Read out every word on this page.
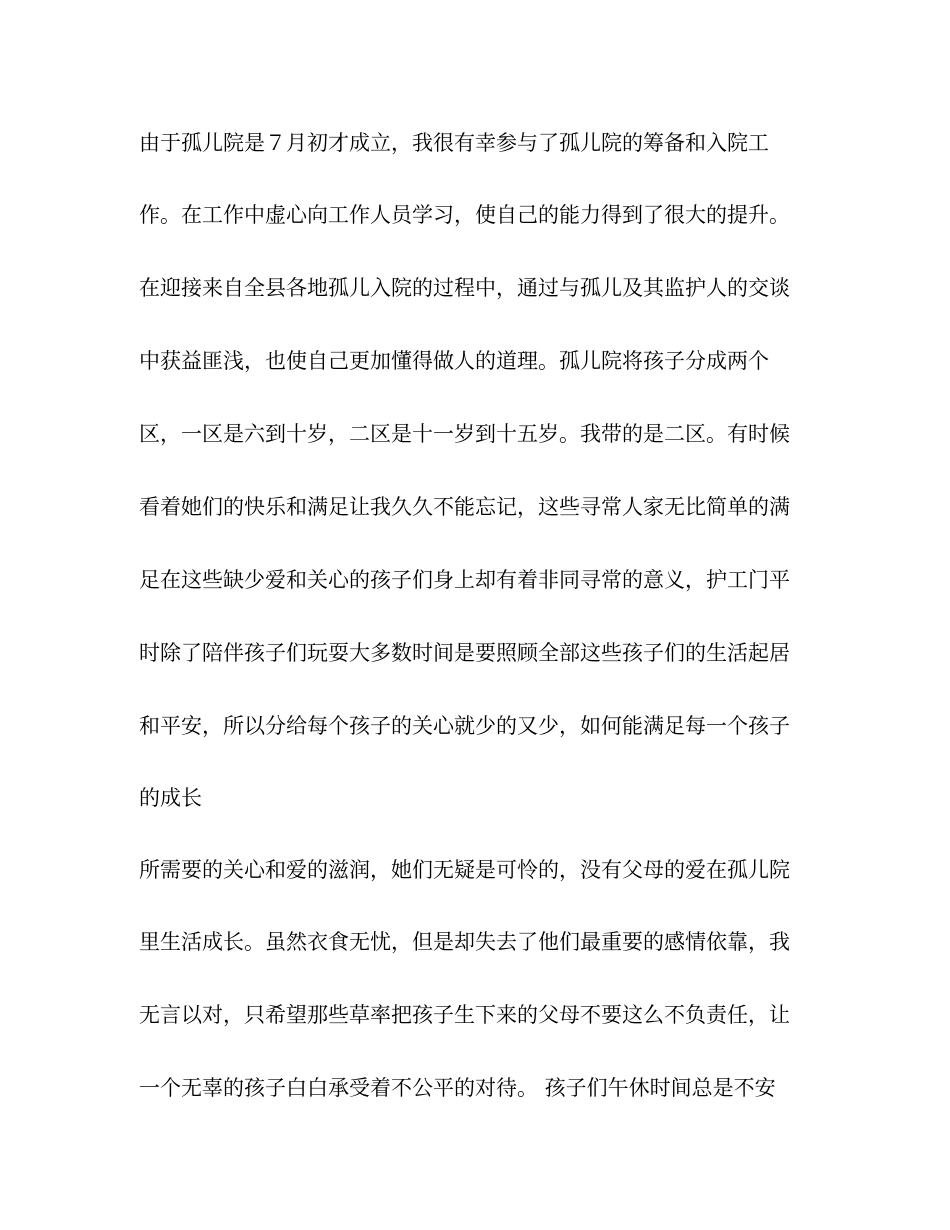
由于孤儿院是７月初才成立，我很有幸参与了孤儿院的筹备和入院工
作。在工作中虚心向工作人员学习，使自己的能力得到了很大的提升。
在迎接来自全县各地孤儿入院的过程中，通过与孤儿及其监护人的交谈
中获益匪浅，也使自己更加懂得做人的道理。孤儿院将孩子分成两个
区，一区是六到十岁，二区是十一岁到十五岁。我带的是二区。有时候
看着她们的快乐和满足让我久久不能忘记，这些寻常人家无比简单的满
足在这些缺少爱和关心的孩子们身上却有着非同寻常的意义，护工门平
时除了陪伴孩子们玩耍大多数时间是要照顾全部这些孩子们的生活起居
和平安，所以分给每个孩子的关心就少的又少，如何能满足每一个孩子
的成长
所需要的关心和爱的滋润，她们无疑是可怜的，没有父母的爱在孤儿院
里生活成长。虽然衣食无忧，但是却失去了他们最重要的感情依靠，我
无言以对，只希望那些草率把孩子生下来的父母不要这么不负责任，让
一个无辜的孩子白白承受着不公平的对待。 孩子们午休时间总是不安
